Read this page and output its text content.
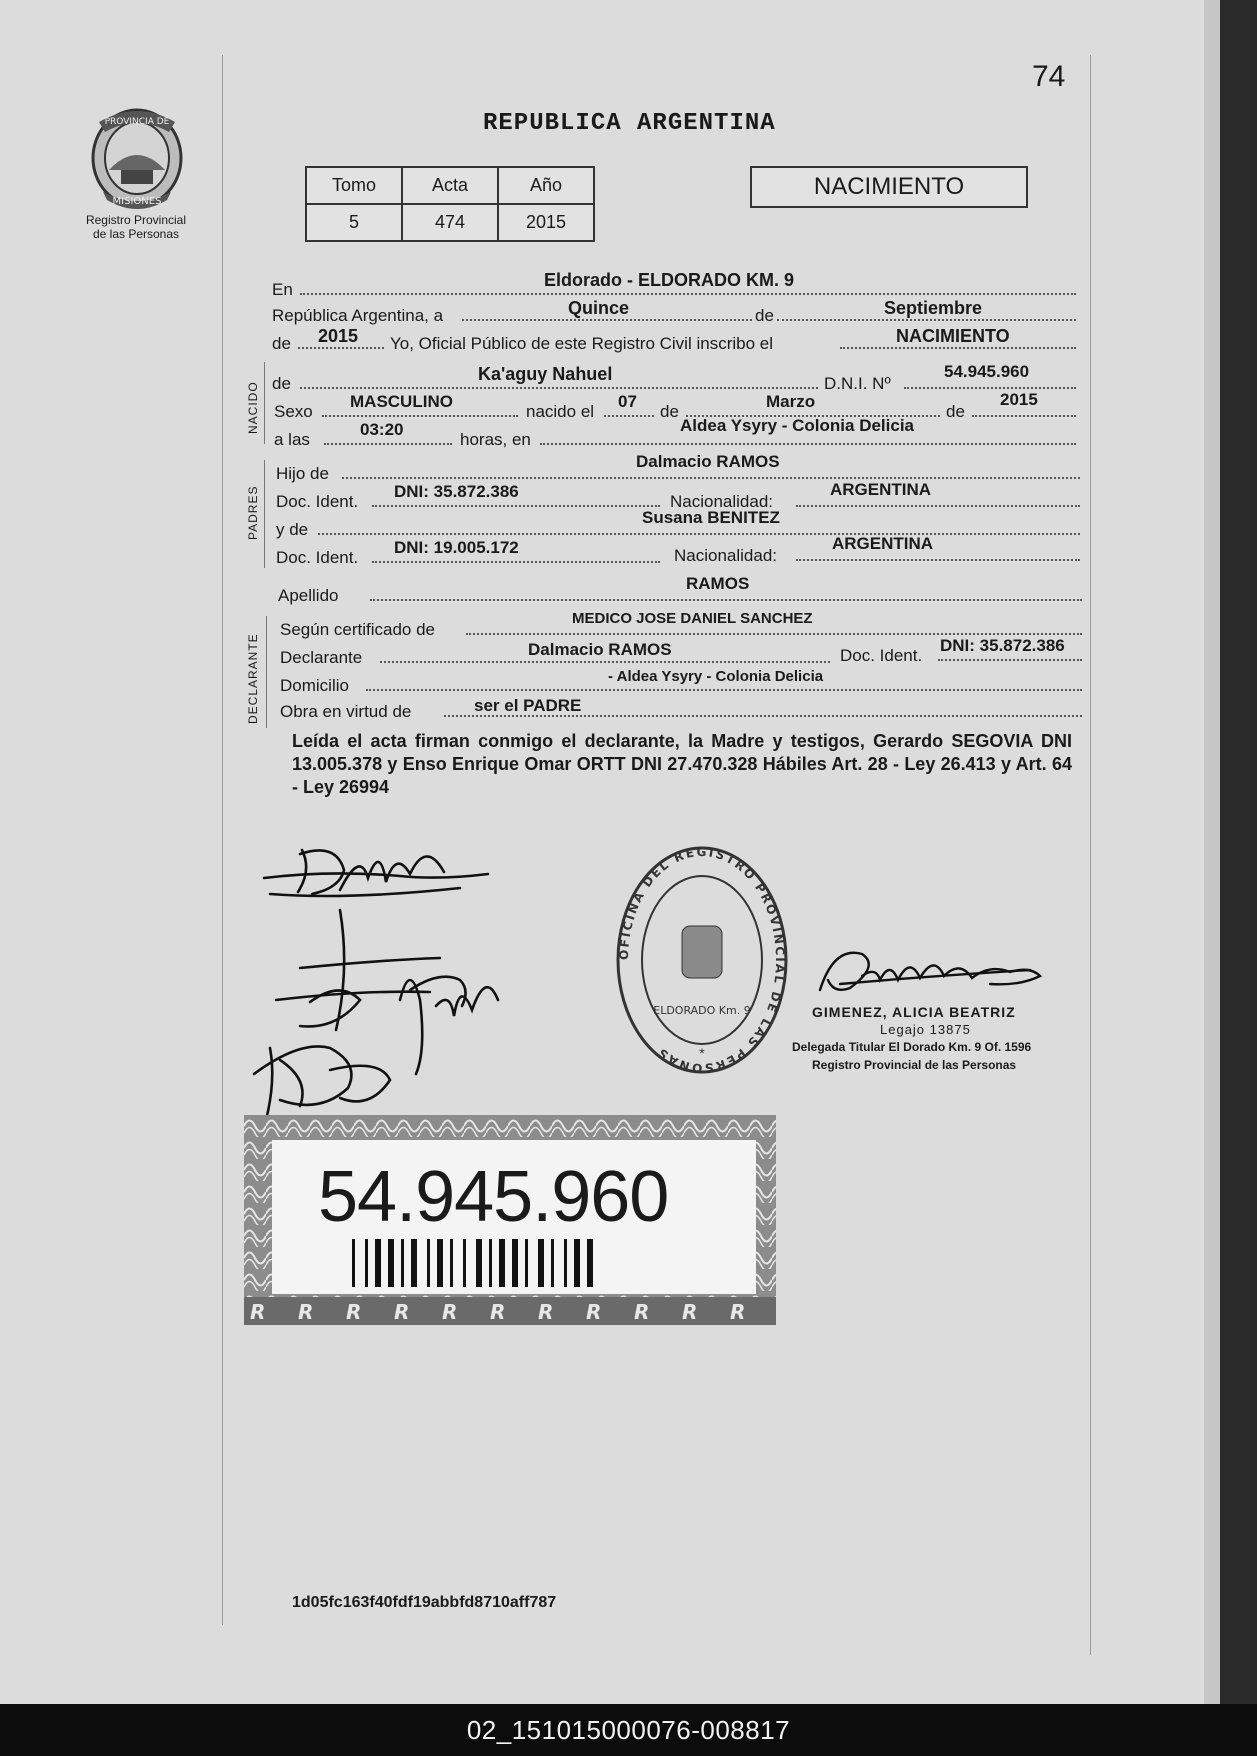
74
REPUBLICA ARGENTINA
PROVINCIA DE
MISIONES
Registro Provincial
de las Personas
Tomo	Acta	Año
5	474	2015
NACIMIENTO
En	Eldorado - ELDORADO KM. 9
República Argentina, a	Quince	de	Septiembre
de 2015 Yo, Oficial Público de este Registro Civil inscribo el	NACIMIENTO
NACIDO de	Ka'aguy Nahuel	D.N.I. Nº
54.945.960
Sexo
MASCULINO
nacido el
07
de
Marzo
de
2015
a las
03:20
horas, en
Aldea Ysyry - Colonia Delicia
PADRES
Hijo de
Dalmacio RAMOS
Doc. Ident.
DNI: 35.872.386
Nacionalidad:
ARGENTINA
y de
Susana BENITEZ
Doc. Ident.
DNI: 19.005.172	Nacionalidad:
ARGENTINA
Apellido
RAMOS
DECLARANTE
Según certificado de
MEDICO JOSE DANIEL SANCHEZ
Declarante	Dalmacio RAMOS	Doc. Ident.
DNI: 35.872.386
Domicilio	- Aldea Ysyry - Colonia Delicia
Obra en virtud de	ser el PADRE
Leída el acta firman conmigo el declarante, la Madre y testigos, Gerardo SEGOVIA DNI 13.005.378 y Enso Enrique Omar ORTT DNI 27.470.328 Hábiles Art. 28 - Ley 26.413 y Art. 64 - Ley 26994
OFICINA DEL REGISTRO PROVINCIAL DE LAS PERSONAS
ELDORADO Km. 9
*
GIMENEZ, ALICIA BEATRIZ
Legajo 13875
Delegada Titular El Dorado Km. 9 Of. 1596
Registro Provincial de las Personas
R R R R R R R R R R R
54.945.960
1d05fc163f40fdf19abbfd8710aff787
02_151015000076-008817
